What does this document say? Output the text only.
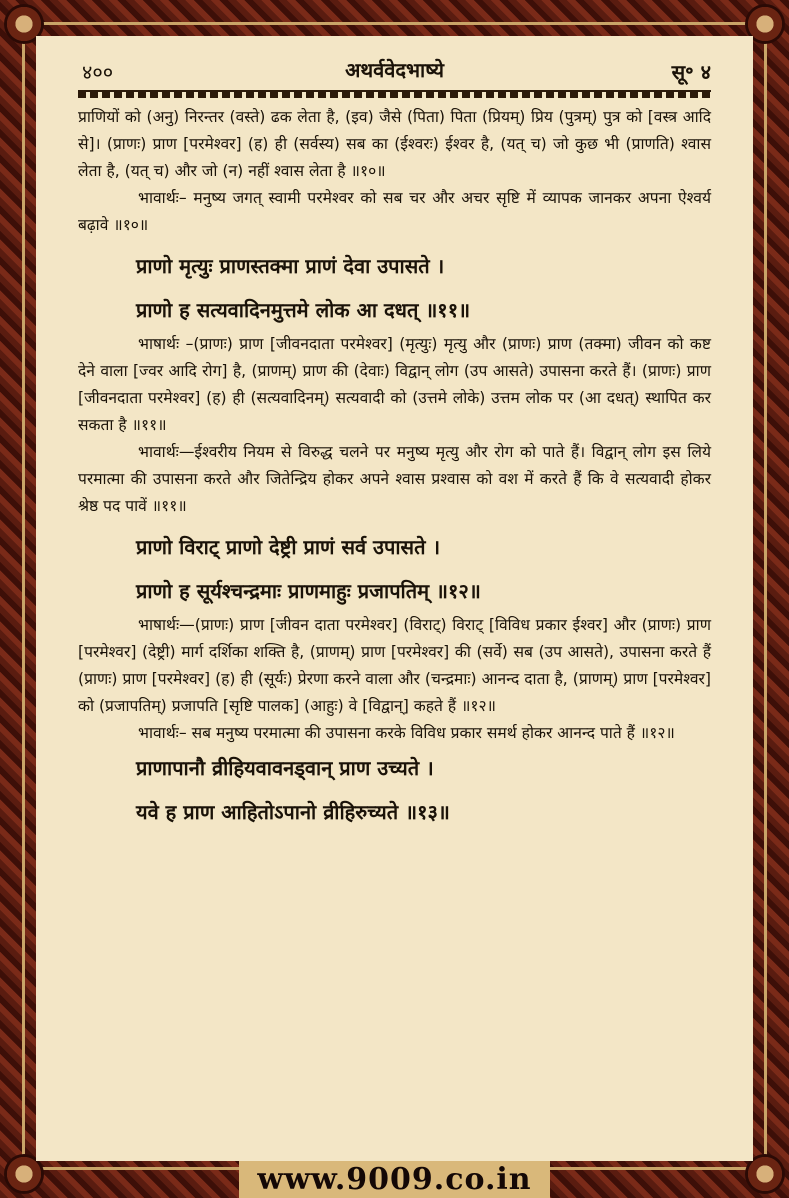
४००	अथर्ववेदभाष्ये	सू॰ ४

प्राणियों को (अनु) निरन्तर (वस्ते) ढक लेता है, (इव) जैसे (पिता) पिता (प्रियम्) प्रिय (पुत्रम्) पुत्र को [वस्त्र आदि से]। (प्राणः) प्राण [परमेश्वर] (ह) ही (सर्वस्य) सब का (ईश्वरः) ईश्वर है, (यत् च) जो कुछ भी (प्राणति) श्वास लेता है, (यत् च) और जो (न) नहीं श्वास लेता है ॥१०॥

भावार्थः– मनुष्य जगत् स्वामी परमेश्वर को सब चर और अचर सृष्टि में व्यापक जानकर अपना ऐश्वर्य बढ़ावे ॥१०॥

प्राणो मृत्युः प्राणस्तक्मा प्राणं देवा उपासते ।
प्राणो ह सत्यवादिनमुत्तमे लोक आ दधत् ॥११॥

भाषार्थः –(प्राणः) प्राण [जीवनदाता परमेश्वर] (मृत्युः) मृत्यु और (प्राणः) प्राण (तक्मा) जीवन को कष्ट देने वाला [ज्वर आदि रोग] है, (प्राणम्) प्राण की (देवाः) विद्वान् लोग (उप आसते) उपासना करते हैं। (प्राणः) प्राण [जीवनदाता परमेश्वर] (ह) ही (सत्यवादिनम्) सत्यवादी को (उत्तमे लोके) उत्तम लोक पर (आ दधत्) स्थापित कर सकता है ॥११॥

भावार्थः—ईश्वरीय नियम से विरुद्ध चलने पर मनुष्य मृत्यु और रोग को पाते हैं। विद्वान् लोग इस लिये परमात्मा की उपासना करते और जितेन्द्रिय होकर अपने श्वास प्रश्वास को वश में करते हैं कि वे सत्यवादी होकर श्रेष्ठ पद पावें ॥११॥

प्राणो विराट् प्राणो देष्ट्री प्राणं सर्व उपासते ।
प्राणो ह सूर्यश्चन्द्रमाः प्राणमाहुः प्रजापतिम् ॥१२॥

भाषार्थः—(प्राणः) प्राण [जीवन दाता परमेश्वर] (विराट्) विराट् [विविध प्रकार ईश्वर] और (प्राणः) प्राण [परमेश्वर] (देष्ट्री) मार्ग दर्शिका शक्ति है, (प्राणम्) प्राण [परमेश्वर] की (सर्वे) सब (उप आसते), उपासना करते हैं (प्राणः) प्राण [परमेश्वर] (ह) ही (सूर्यः) प्रेरणा करने वाला और (चन्द्रमाः) आनन्द दाता है, (प्राणम्) प्राण [परमेश्वर] को (प्रजापतिम्) प्रजापति [सृष्टि पालक] (आहुः) वे [विद्वान्] कहते हैं ॥१२॥

भावार्थः– सब मनुष्य परमात्मा की उपासना करके विविध प्रकार समर्थ होकर आनन्द पाते हैं ॥१२॥

प्राणापानौ व्रीहियवावनड्वान् प्राण उच्यते ।
यवे ह प्राण आहितोऽपानो व्रीहिरुच्यते ॥१३॥
www.9009.co.in
